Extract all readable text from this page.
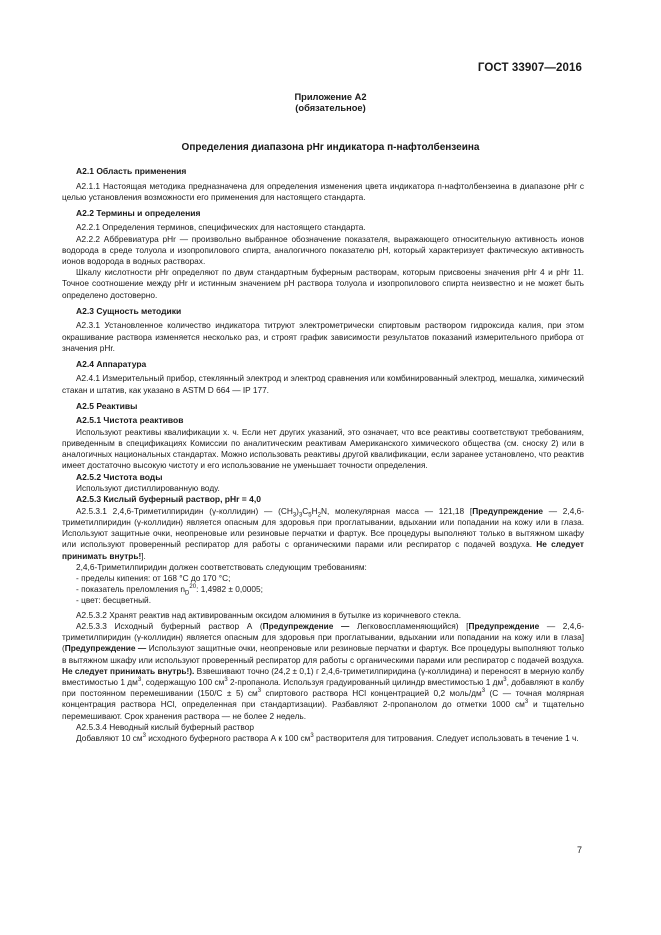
ГОСТ 33907—2016
Приложение А2
(обязательное)
Определения диапазона pHr индикатора п-нафтолбензеина
А2.1 Область применения

А2.1.1 Настоящая методика предназначена для определения изменения цвета индикатора п-нафтолбензеина в диапазоне pHr с целью установления возможности его применения для настоящего стандарта.

А2.2 Термины и определения

А2.2.1 Определения терминов, специфических для настоящего стандарта.

А2.2.2 Аббревиатура pHr — произвольно выбранное обозначение показателя, выражающего относительную активность ионов водорода в среде толуола и изопропилового спирта, аналогичного показателю pH, который характеризует фактическую активность ионов водорода в водных растворах.

Шкалу кислотности pHr определяют по двум стандартным буферным растворам, которым присвоены значения pHr 4 и pHr 11. Точное соотношение между pHr и истинным значением pH раствора толуола и изопропилового спирта неизвестно и не может быть определено достоверно.

А2.3 Сущность методики

А2.3.1 Установленное количество индикатора титруют электрометрически спиртовым раствором гидроксида калия, при этом окрашивание раствора изменяется несколько раз, и строят график зависимости результатов показаний измерительного прибора от значения pHr.

А2.4 Аппаратура

А2.4.1 Измерительный прибор, стеклянный электрод и электрод сравнения или комбинированный электрод, мешалка, химический стакан и штатив, как указано в ASTM D 664 — IP 177.

А2.5 Реактивы
А2.5.1 Чистота реактивов

Используют реактивы квалификации х. ч. Если нет других указаний, это означает, что все реактивы соответствуют требованиям, приведенным в спецификациях Комиссии по аналитическим реактивам Американского химического общества (см. сноску 2) или в аналогичных национальных стандартах. Можно использовать реактивы другой квалификации, если заранее установлено, что реактив имеет достаточно высокую чистоту и его использование не уменьшает точности определения.

А2.5.2 Чистота воды

Используют дистиллированную воду.

А2.5.3 Кислый буферный раствор, pHr = 4,0

А2.5.3.1 2,4,6-Триметилпиридин (γ-коллидин) — $(CH_3)_3C_5H_2N$, молекулярная масса — 121,18 [Предупреждение — 2,4,6-триметилпиридин (γ-коллидин) является опасным для здоровья при проглатывании, вдыхании или попадании на кожу или в глаза. Используют защитные очки, неопреновые или резиновые перчатки и фартук. Все процедуры выполняют только в вытяжном шкафу или используют проверенный респиратор для работы с органическими парами или респиратор с подачей воздуха. Не следует принимать внутрь!].

2,4,6-Триметилпиридин должен соответствовать следующим требованиям:

- пределы кипения: от 168 °С до 170 °С;

- показатель преломления $n_D^{20}$: 1,4982 ± 0,0005;

- цвет: бесцветный.

А2.5.3.2 Хранят реактив над активированным оксидом алюминия в бутылке из коричневого стекла.

А2.5.3.3 Исходный буферный раствор А (Предупреждение — Легковоспламеняющийся) [Предупреждение — 2,4,6-триметилпиридин (γ-коллидин) является опасным для здоровья при проглатывании, вдыхании или попадании на кожу или в глаза] (Предупреждение — Используют защитные очки, неопреновые или резиновые перчатки и фартук. Все процедуры выполняют только в вытяжном шкафу или используют проверенный респиратор для работы с органическими парами или респиратор с подачей воздуха. Не следует принимать внутрь!). Взвешивают точно (24,2 ± 0,1) г 2,4,6-триметилпиридина (γ-коллидина) и переносят в мерную колбу вместимостью 1 $дм^3$, содержащую 100 $см^3$ 2-пропанола. Используя градуированный цилиндр вместимостью 1 $дм^3$, добавляют в колбу при постоянном перемешивании (150/С ± 5) $см^3$ спиртового раствора HCl концентрацией 0,2 моль/$дм^3$ (С — точная молярная концентрация раствора HCl, определенная при стандартизации). Разбавляют 2-пропанолом до отметки 1000 $см^3$ и тщательно перемешивают. Срок хранения раствора — не более 2 недель.

А2.5.3.4 Неводный кислый буферный раствор

Добавляют 10 $см^3$ исходного буферного раствора А к 100 $см^3$ растворителя для титрования. Следует использовать в течение 1 ч.

7
